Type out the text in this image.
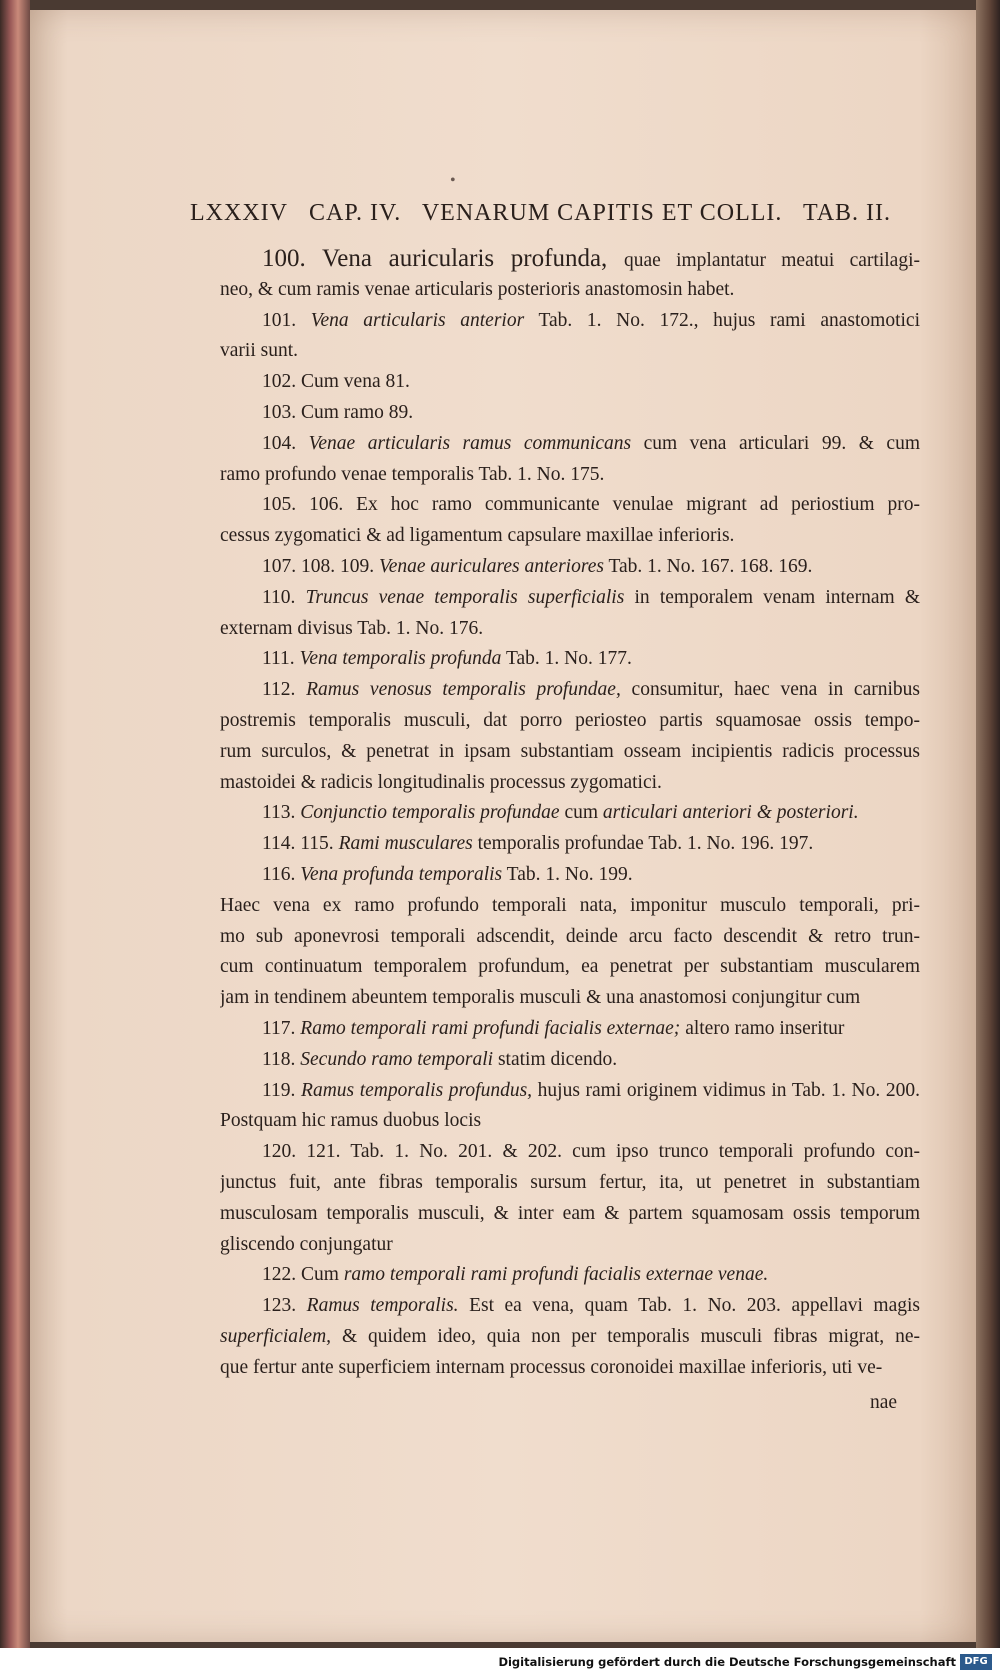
•
LXXXIV CAP. IV. VENARUM CAPITIS ET COLLI. TAB. II.
100. Vena auricularis profunda, quae implantatur meatui cartilagi-
neo, & cum ramis venae articularis posterioris anastomosin habet.
101. Vena articularis anterior Tab. 1. No. 172., hujus rami anastomotici
varii sunt.
102. Cum vena 81.
103. Cum ramo 89.
104. Venae articularis ramus communicans cum vena articulari 99. & cum
ramo profundo venae temporalis Tab. 1. No. 175.
105. 106. Ex hoc ramo communicante venulae migrant ad periostium pro-
cessus zygomatici & ad ligamentum capsulare maxillae inferioris.
107. 108. 109. Venae auriculares anteriores Tab. 1. No. 167. 168. 169.
110. Truncus venae temporalis superficialis in temporalem venam internam &
externam divisus Tab. 1. No. 176.
111. Vena temporalis profunda Tab. 1. No. 177.
112. Ramus venosus temporalis profundae, consumitur, haec vena in carnibus
postremis temporalis musculi, dat porro periosteo partis squamosae ossis tempo-
rum surculos, & penetrat in ipsam substantiam osseam incipientis radicis processus
mastoidei & radicis longitudinalis processus zygomatici.
113. Conjunctio temporalis profundae cum articulari anteriori & posteriori.
114. 115. Rami musculares temporalis profundae Tab. 1. No. 196. 197.
116. Vena profunda temporalis Tab. 1. No. 199.
Haec vena ex ramo profundo temporali nata, imponitur musculo temporali, pri-
mo sub aponevrosi temporali adscendit, deinde arcu facto descendit & retro trun-
cum continuatum temporalem profundum, ea penetrat per substantiam muscularem
jam in tendinem abeuntem temporalis musculi & una anastomosi conjungitur cum
117. Ramo temporali rami profundi facialis externae; altero ramo inseritur
118. Secundo ramo temporali statim dicendo.
119. Ramus temporalis profundus, hujus rami originem vidimus in Tab. 1. No. 200.
Postquam hic ramus duobus locis
120. 121. Tab. 1. No. 201. & 202. cum ipso trunco temporali profundo con-
junctus fuit, ante fibras temporalis sursum fertur, ita, ut penetret in substantiam
musculosam temporalis musculi, & inter eam & partem squamosam ossis temporum
gliscendo conjungatur
122. Cum ramo temporali rami profundi facialis externae venae.
123. Ramus temporalis. Est ea vena, quam Tab. 1. No. 203. appellavi magis
superficialem, & quidem ideo, quia non per temporalis musculi fibras migrat, ne-
que fertur ante superficiem internam processus coronoidei maxillae inferioris, uti ve-
nae
Digitalisierung gefördert durch die Deutsche Forschungsgemeinschaft DFG
